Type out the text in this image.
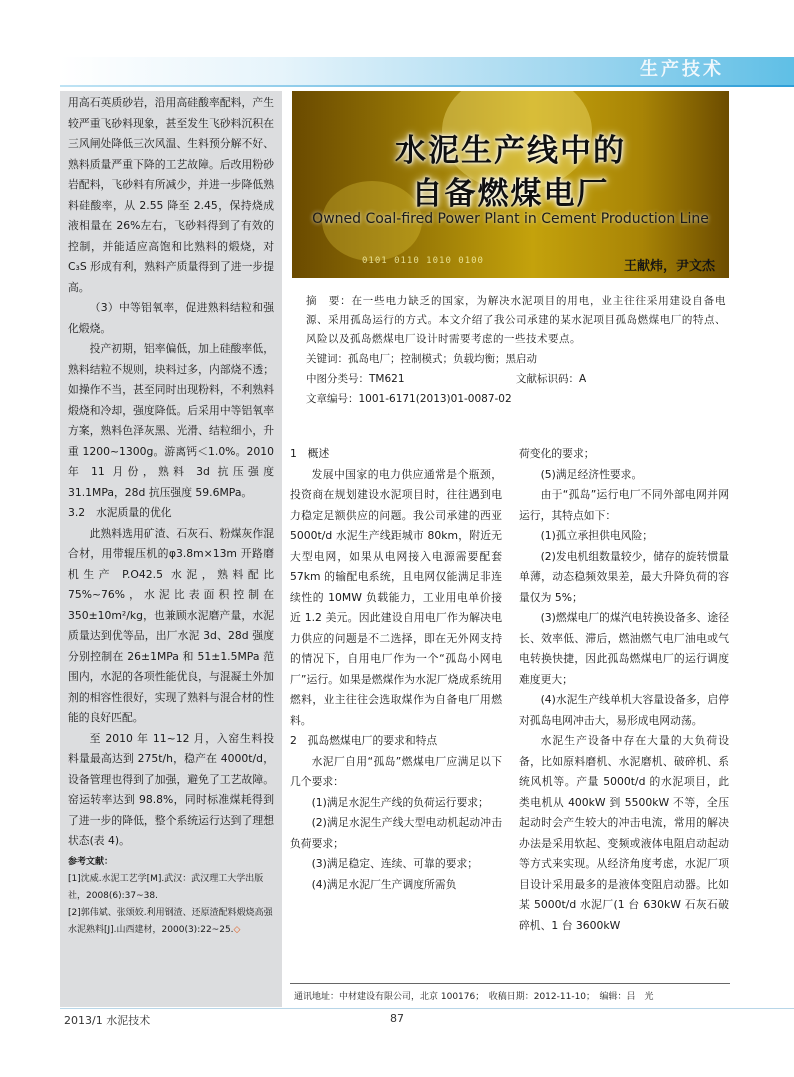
生产技术

用高石英质砂岩，沿用高硅酸率配料，产生较严重飞砂料现象，甚至发生飞砂料沉积在三风闸处降低三次风温、生料预分解不好、熟料质量严重下降的工艺故障。后改用粉砂岩配料，飞砂料有所减少，并进一步降低熟料硅酸率，从 2.55 降至 2.45，保持烧成液相量在 26%左右，飞砂料得到了有效的控制，并能适应高饱和比熟料的煅烧，对 C₃S 形成有利，熟料产质量得到了进一步提高。

（3）中等铝氧率，促进熟料结粒和强化煅烧。

投产初期，铝率偏低，加上硅酸率低，熟料结粒不规则，块料过多，内部烧不透；如操作不当，甚至同时出现粉料，不利熟料煅烧和冷却，强度降低。后采用中等铝氧率方案，熟料色泽灰黑、光滑、结粒细小，升重 1200~1300g。游离钙＜1.0%。2010 年 11 月份，熟料 3d 抗压强度 31.1MPa，28d 抗压强度 59.6MPa。

3.2　水泥质量的优化

此熟料选用矿渣、石灰石、粉煤灰作混合材，用带辊压机的φ3.8m×13m 开路磨机生产 P.O42.5 水泥，熟料配比 75%~76%，水泥比表面积控制在 350±10m²/kg，也兼顾水泥磨产量，水泥质量达到优等品，出厂水泥 3d、28d 强度分别控制在 26±1MPa 和 51±1.5MPa 范围内，水泥的各项性能优良，与混凝土外加剂的相容性很好，实现了熟料与混合材的性能的良好匹配。

至 2010 年 11~12 月，入窑生料投料量最高达到 275t/h，稳产在 4000t/d，设备管理也得到了加强，避免了工艺故障。窑运转率达到 98.8%，同时标准煤耗得到了进一步的降低，整个系统运行达到了理想状态(表 4)。

参考文献：

[1]沈威.水泥工艺学[M].武汉：武汉理工大学出版社，2008(6):37~38.

[2]郭伟斌、张颂姣.利用钢渣、还原渣配料煅烧高强水泥熟料[J].山西建材，2000(3):22~25.◇

水泥生产线中的
自备燃煤电厂
Owned Coal-fired Power Plant in Cement Production Line
0101 0110 1010 0100	王献炜，尹文杰

摘　要：在一些电力缺乏的国家，为解决水泥项目的用电，业主往往采用建设自备电源、采用孤岛运行的方式。本文介绍了我公司承建的某水泥项目孤岛燃煤电厂的特点、风险以及孤岛燃煤电厂设计时需要考虑的一些技术要点。

关键词：孤岛电厂；控制模式；负载均衡；黑启动

中图分类号：TM621	文献标识码：A

文章编号：1001-6171(2013)01-0087-02

1　概述

发展中国家的电力供应通常是个瓶颈，投资商在规划建设水泥项目时，往往遇到电力稳定足额供应的问题。我公司承建的西亚 5000t/d 水泥生产线距城市 80km，附近无大型电网，如果从电网接入电源需要配套 57km 的输配电系统，且电网仅能满足非连续性的 10MW 负载能力，工业用电单价接近 1.2 美元。因此建设自用电厂作为解决电力供应的问题是不二选择，即在无外网支持的情况下，自用电厂作为一个“孤岛小网电厂”运行。如果是燃煤作为水泥厂烧成系统用燃料，业主往往会选取煤作为自备电厂用燃料。

2　孤岛燃煤电厂的要求和特点

水泥厂自用“孤岛”燃煤电厂应满足以下几个要求：

(1)满足水泥生产线的负荷运行要求；

(2)满足水泥生产线大型电动机起动冲击负荷要求；

(3)满足稳定、连续、可靠的要求；

(4)满足水泥厂生产调度所需负

荷变化的要求；

(5)满足经济性要求。

由于“孤岛”运行电厂不同外部电网并网运行，其特点如下：

(1)孤立承担供电风险；

(2)发电机组数量较少，储存的旋转惯量单薄，动态稳频效果差，最大升降负荷的容量仅为 5%；

(3)燃煤电厂的煤汽电转换设备多、途径长、效率低、滞后，燃油燃气电厂油电或气电转换快捷，因此孤岛燃煤电厂的运行调度难度更大；

(4)水泥生产线单机大容量设备多，启停对孤岛电网冲击大，易形成电网动荡。

水泥生产设备中存在大量的大负荷设备，比如原料磨机、水泥磨机、破碎机、系统风机等。产量 5000t/d 的水泥项目，此类电机从 400kW 到 5500kW 不等，全压起动时会产生较大的冲击电流，常用的解决办法是采用软起、变频或液体电阻启动起动等方式来实现。从经济角度考虑，水泥厂项目设计采用最多的是液体变阻启动器。比如某 5000t/d 水泥厂(1 台 630kW 石灰石破碎机、1 台 3600kW

通讯地址：中材建设有限公司，北京 100176；　收稿日期：2012-11-10；　编辑：吕　光
2013/1 水泥技术	87
